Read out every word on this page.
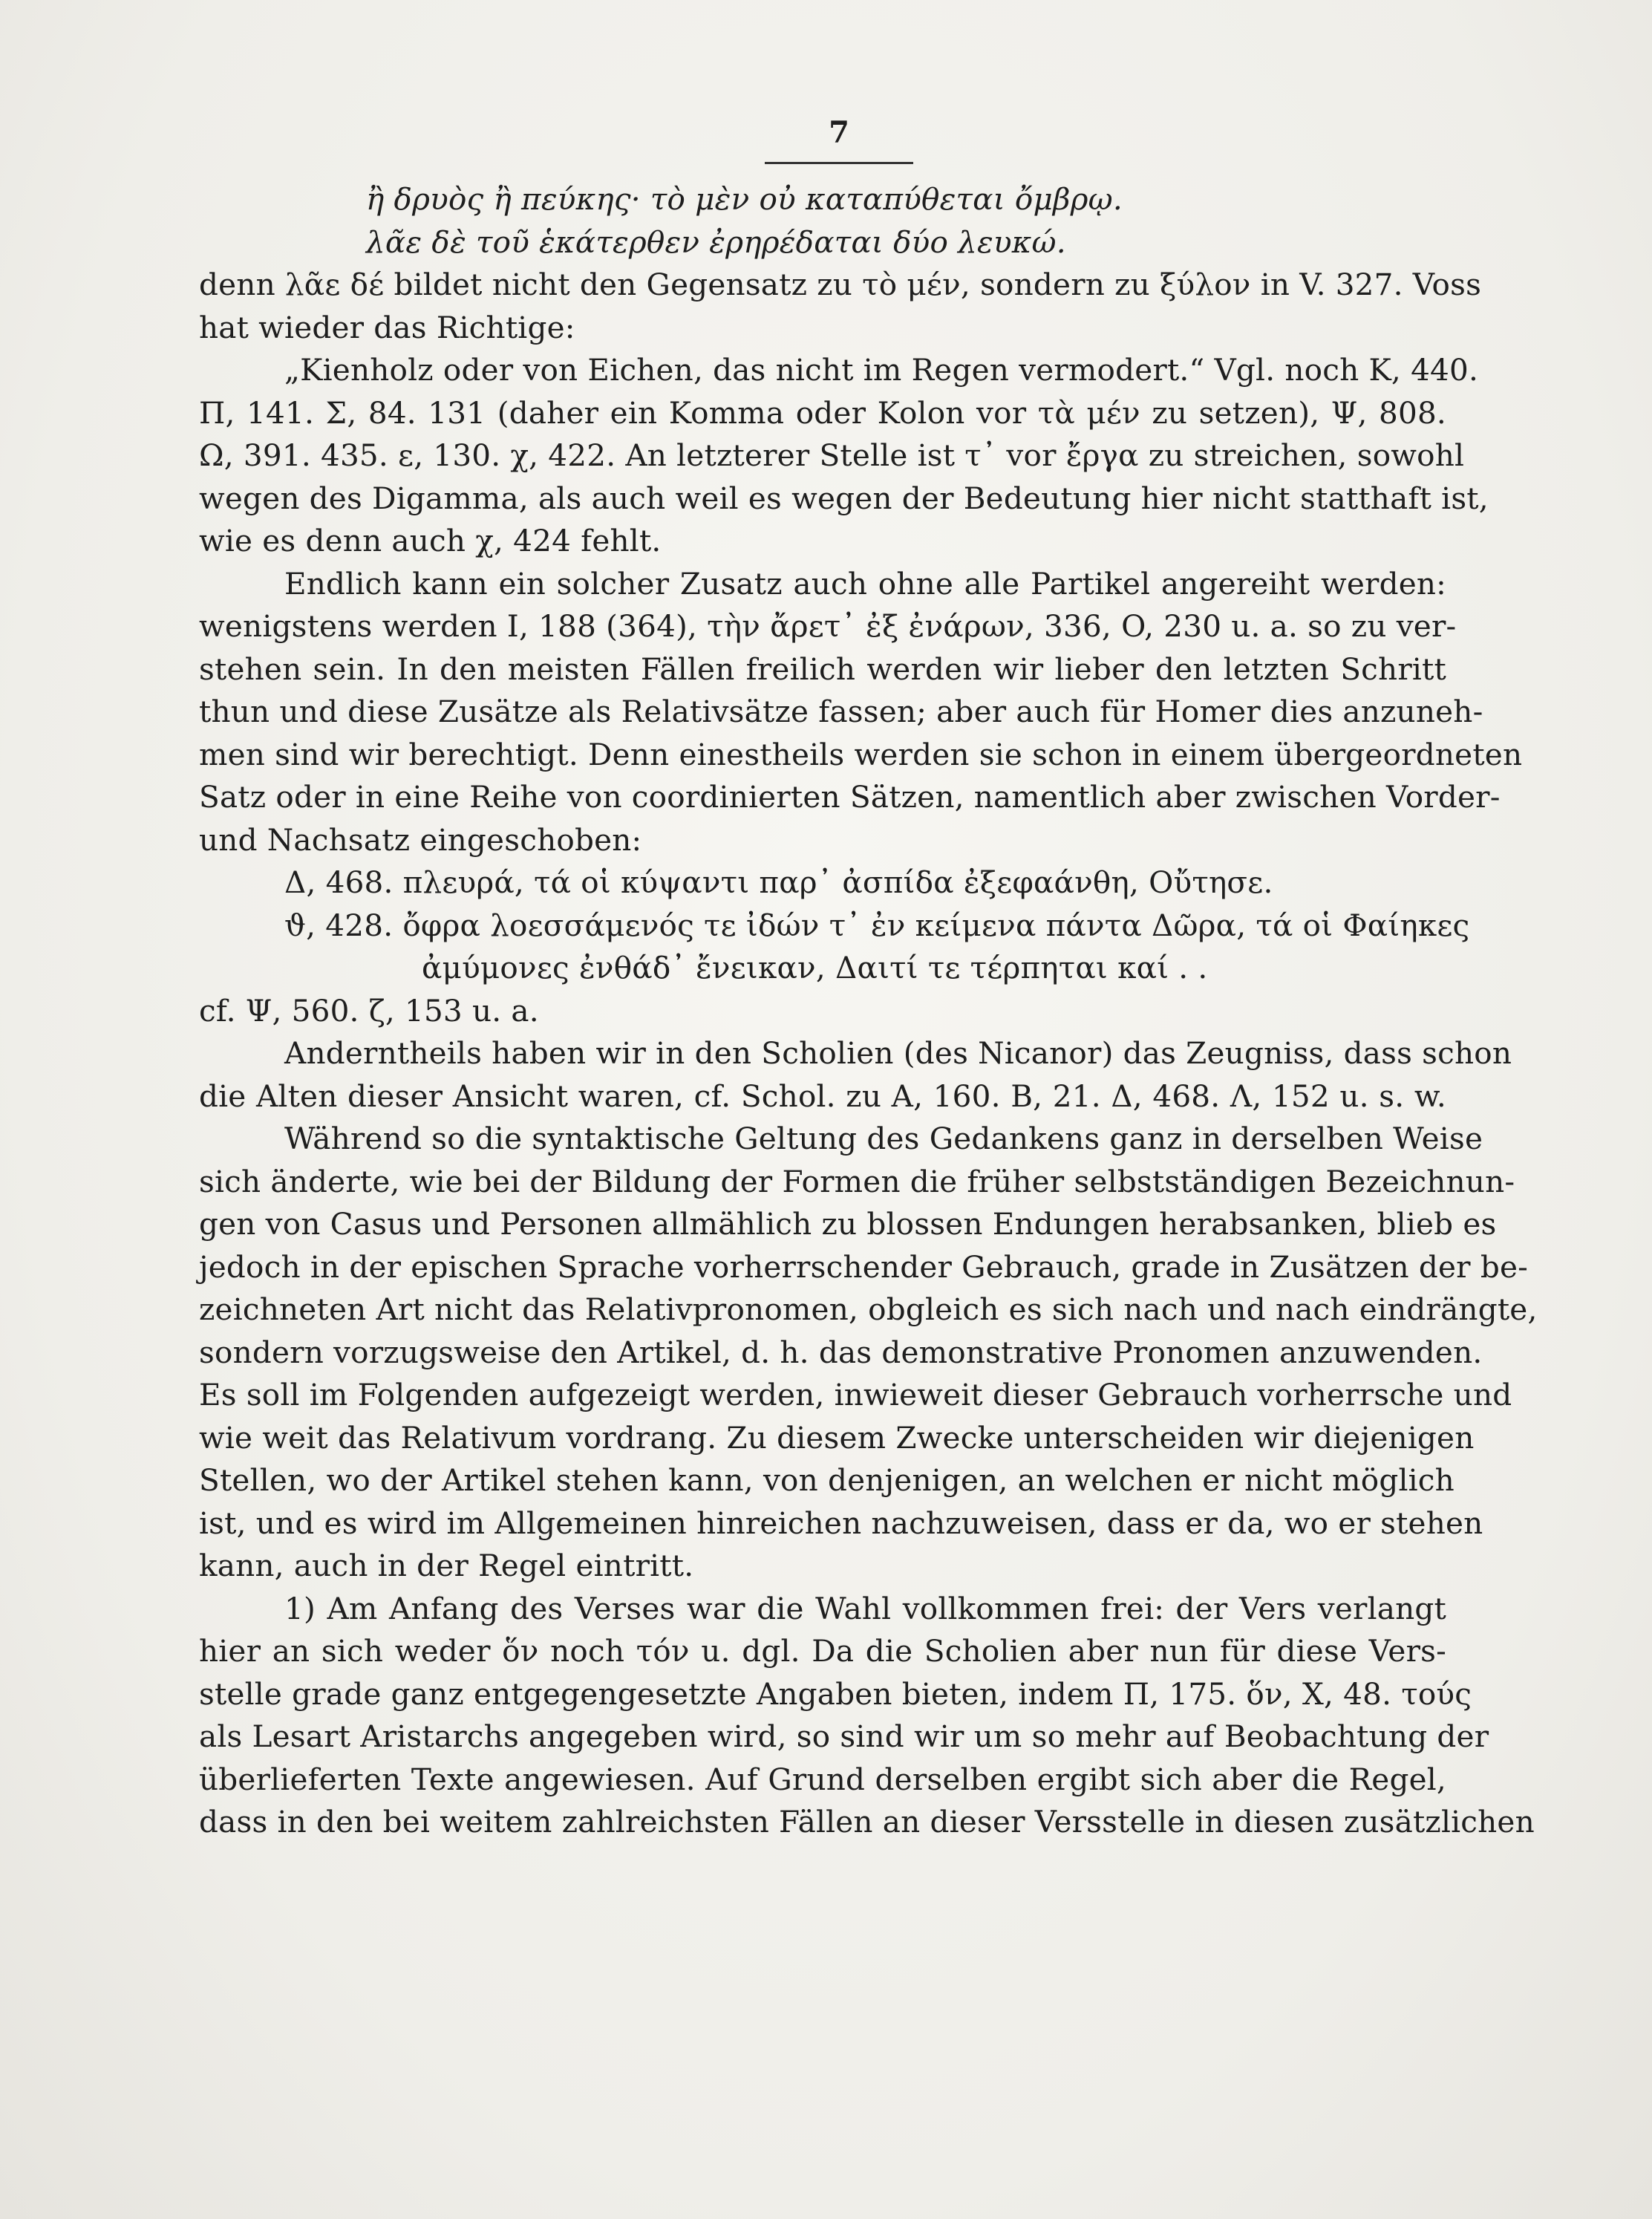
7
ἢ δρυὸς ἢ πεύκης· τὸ μὲν οὐ καταπύθεται ὄμβρῳ.
λᾶε δὲ τοῦ ἑκάτερθεν ἐρηρέδαται δύο λευκώ.
denn λᾶε δέ bildet nicht den Gegensatz zu τὸ μέν, sondern zu ξύλον in V. 327. Voss
hat wieder das Richtige:
„Kienholz oder von Eichen, das nicht im Regen vermodert.“ Vgl. noch K, 440.
Π, 141. Σ, 84. 131 (daher ein Komma oder Kolon vor τὰ μέν zu setzen), Ψ, 808.
Ω, 391. 435. ε, 130. χ, 422. An letzterer Stelle ist τ᾽ vor ἔργα zu streichen, sowohl
wegen des Digamma, als auch weil es wegen der Bedeutung hier nicht statthaft ist,
wie es denn auch χ, 424 fehlt.
Endlich kann ein solcher Zusatz auch ohne alle Partikel angereiht werden:
wenigstens werden I, 188 (364), τὴν ἄρετ᾽ ἐξ ἐνάρων, 336, O, 230 u. a. so zu ver-
stehen sein. In den meisten Fällen freilich werden wir lieber den letzten Schritt
thun und diese Zusätze als Relativsätze fassen; aber auch für Homer dies anzuneh-
men sind wir berechtigt. Denn einestheils werden sie schon in einem übergeordneten
Satz oder in eine Reihe von coordinierten Sätzen, namentlich aber zwischen Vorder-
und Nachsatz eingeschoben:
Δ, 468. πλευρά, τά οἱ κύψαντι παρ᾽ ἀσπίδα ἐξεφαάνθη, Οὔτησε.
ϑ, 428. ὄφρα λοεσσάμενός τε ἰδών τ᾽ ἐν κείμενα πάντα Δῶρα, τά οἱ Φαίηκες
ἀμύμονες ἐνθάδ᾽ ἔνεικαν, Δαιτί τε τέρπηται καί . .
cf. Ψ, 560. ζ, 153 u. a.
Anderntheils haben wir in den Scholien (des Nicanor) das Zeugniss, dass schon
die Alten dieser Ansicht waren, cf. Schol. zu Α, 160. B, 21. Δ, 468. Λ, 152 u. s. w.
Während so die syntaktische Geltung des Gedankens ganz in derselben Weise
sich änderte, wie bei der Bildung der Formen die früher selbstständigen Bezeichnun-
gen von Casus und Personen allmählich zu blossen Endungen herabsanken, blieb es
jedoch in der epischen Sprache vorherrschender Gebrauch, grade in Zusätzen der be-
zeichneten Art nicht das Relativpronomen, obgleich es sich nach und nach eindrängte,
sondern vorzugsweise den Artikel, d. h. das demonstrative Pronomen anzuwenden.
Es soll im Folgenden aufgezeigt werden, inwieweit dieser Gebrauch vorherrsche und
wie weit das Relativum vordrang. Zu diesem Zwecke unterscheiden wir diejenigen
Stellen, wo der Artikel stehen kann, von denjenigen, an welchen er nicht möglich
ist, und es wird im Allgemeinen hinreichen nachzuweisen, dass er da, wo er stehen
kann, auch in der Regel eintritt.
1) Am Anfang des Verses war die Wahl vollkommen frei: der Vers verlangt
hier an sich weder ὅν noch τόν u. dgl. Da die Scholien aber nun für diese Vers-
stelle grade ganz entgegengesetzte Angaben bieten, indem Π, 175. ὅν, X, 48. τούς
als Lesart Aristarchs angegeben wird, so sind wir um so mehr auf Beobachtung der
überlieferten Texte angewiesen. Auf Grund derselben ergibt sich aber die Regel,
dass in den bei weitem zahlreichsten Fällen an dieser Versstelle in diesen zusätzlichen
